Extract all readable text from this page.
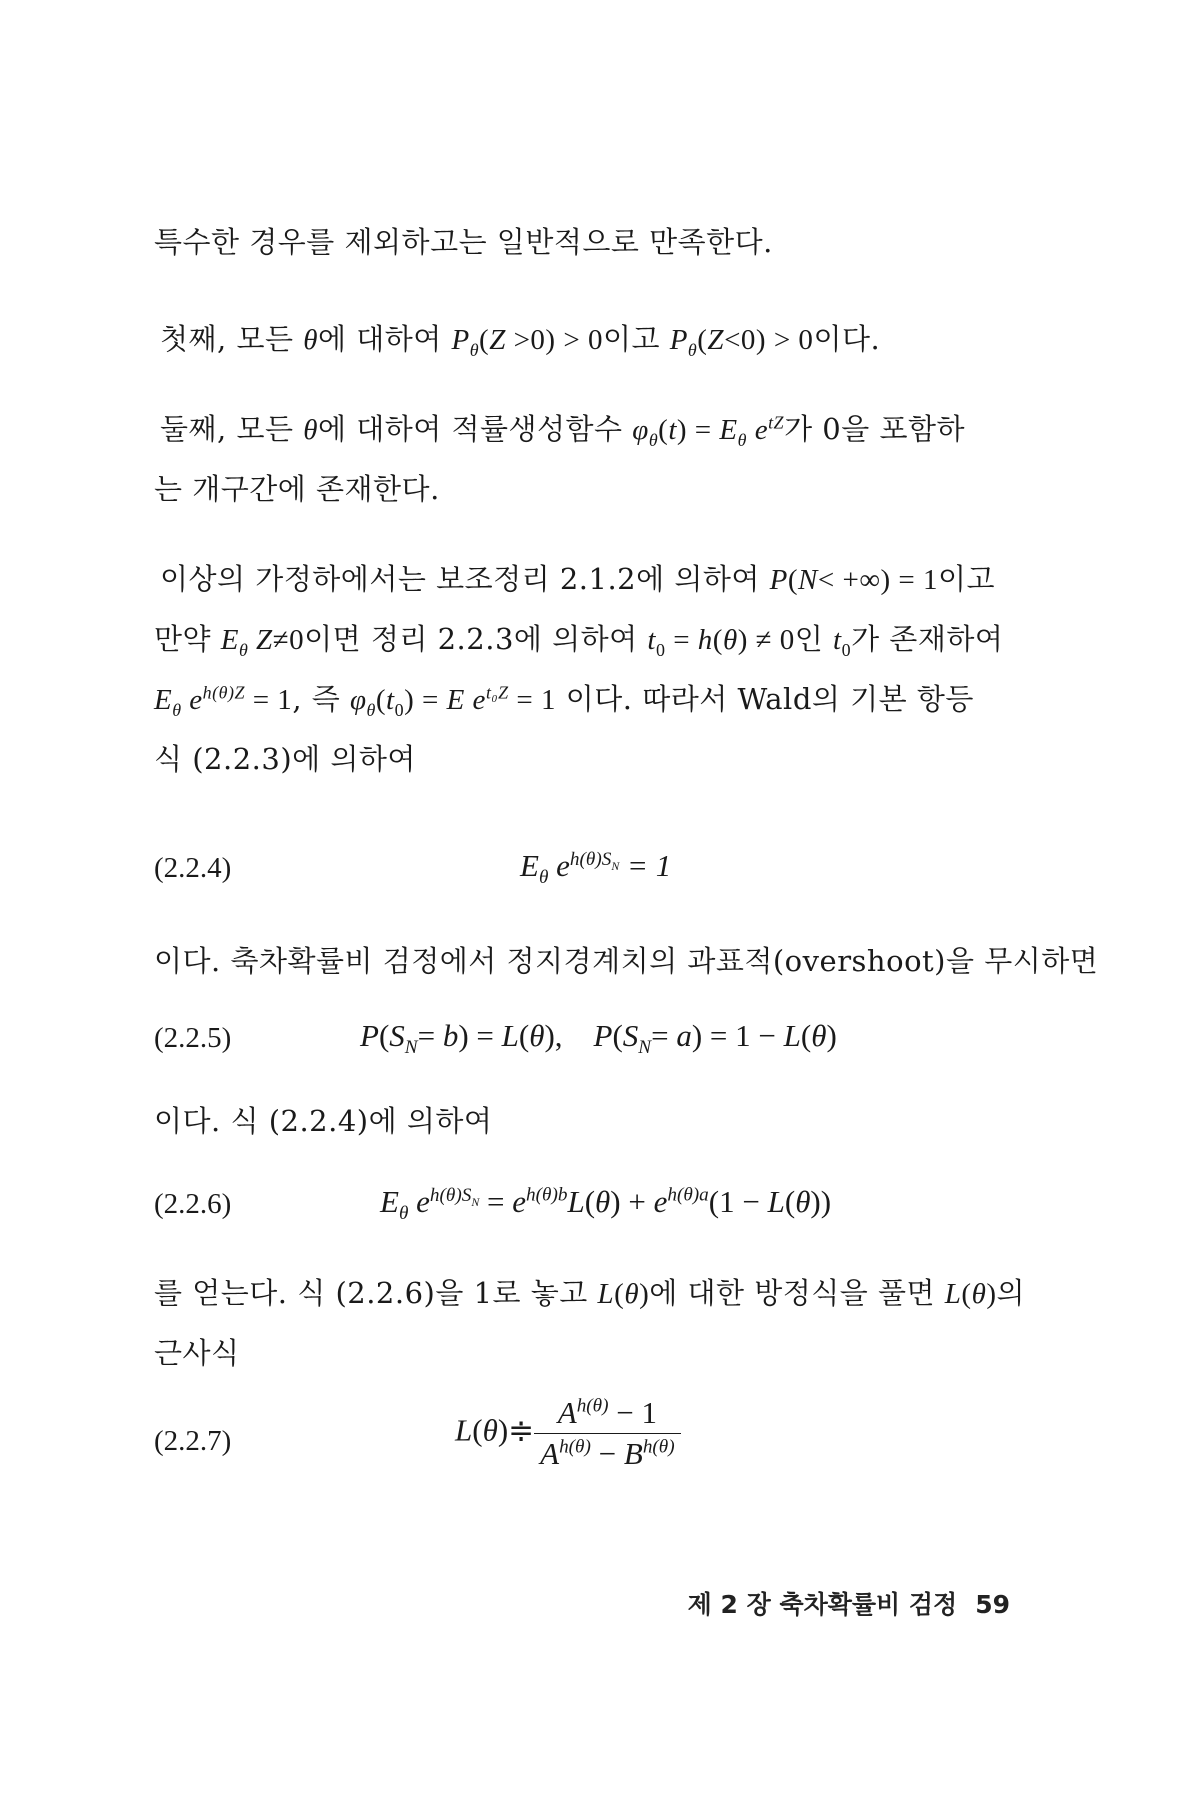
특수한 경우를 제외하고는 일반적으로 만족한다.
첫째, 모든 θ에 대하여 $P_\theta(Z >0) > 0$이고 $P_\theta(Z<0) > 0$이다.
둘째, 모든 θ에 대하여 적률생성함수 $\varphi_\theta(t) = E_\theta$ $e^{tZ}$가 0을 포함하
는 개구간에 존재한다.
이상의 가정하에서는 보조정리 2.1.2에 의하여 P(N< +∞) = 1이고
만약 $E_\theta$ Z≠0이면 정리 2.2.3에 의하여 $t_0 = h(\theta) \ne 0$인 $t_0$가 존재하여
$E_\theta$ $e^{h(\theta)Z} = 1$, 즉 $\varphi_\theta(t_0) = E$ $e^{t_0Z} = 1$ 이다. 따라서 Wald의 기본 항등
식 (2.2.3)에 의하여
(2.2.4)	$E_\theta$ $e^{h(\theta)S_N} = 1$
이다. 축차확률비 검정에서 정지경계치의 과표적(overshoot)을 무시하면
(2.2.5)	$P(S_N= b) = L(\theta)$,    $P(S_N= a) = 1 - L(\theta)$
이다. 식 (2.2.4)에 의하여
(2.2.6)	$E_\theta$ $e^{h(\theta)S_N} = e^{h(\theta)b}L(\theta) + e^{h(\theta)a}(1 - L(\theta))$
를 얻는다. 식 (2.2.6)을 1로 놓고 L(θ)에 대한 방정식을 풀면 L(θ)의
근사식
(2.2.7)	L(θ)≑ $\frac{A^{h(\theta)} - 1}{A^{h(\theta)} - B^{h(\theta)}}$
제 2 장 축차확률비 검정 59
